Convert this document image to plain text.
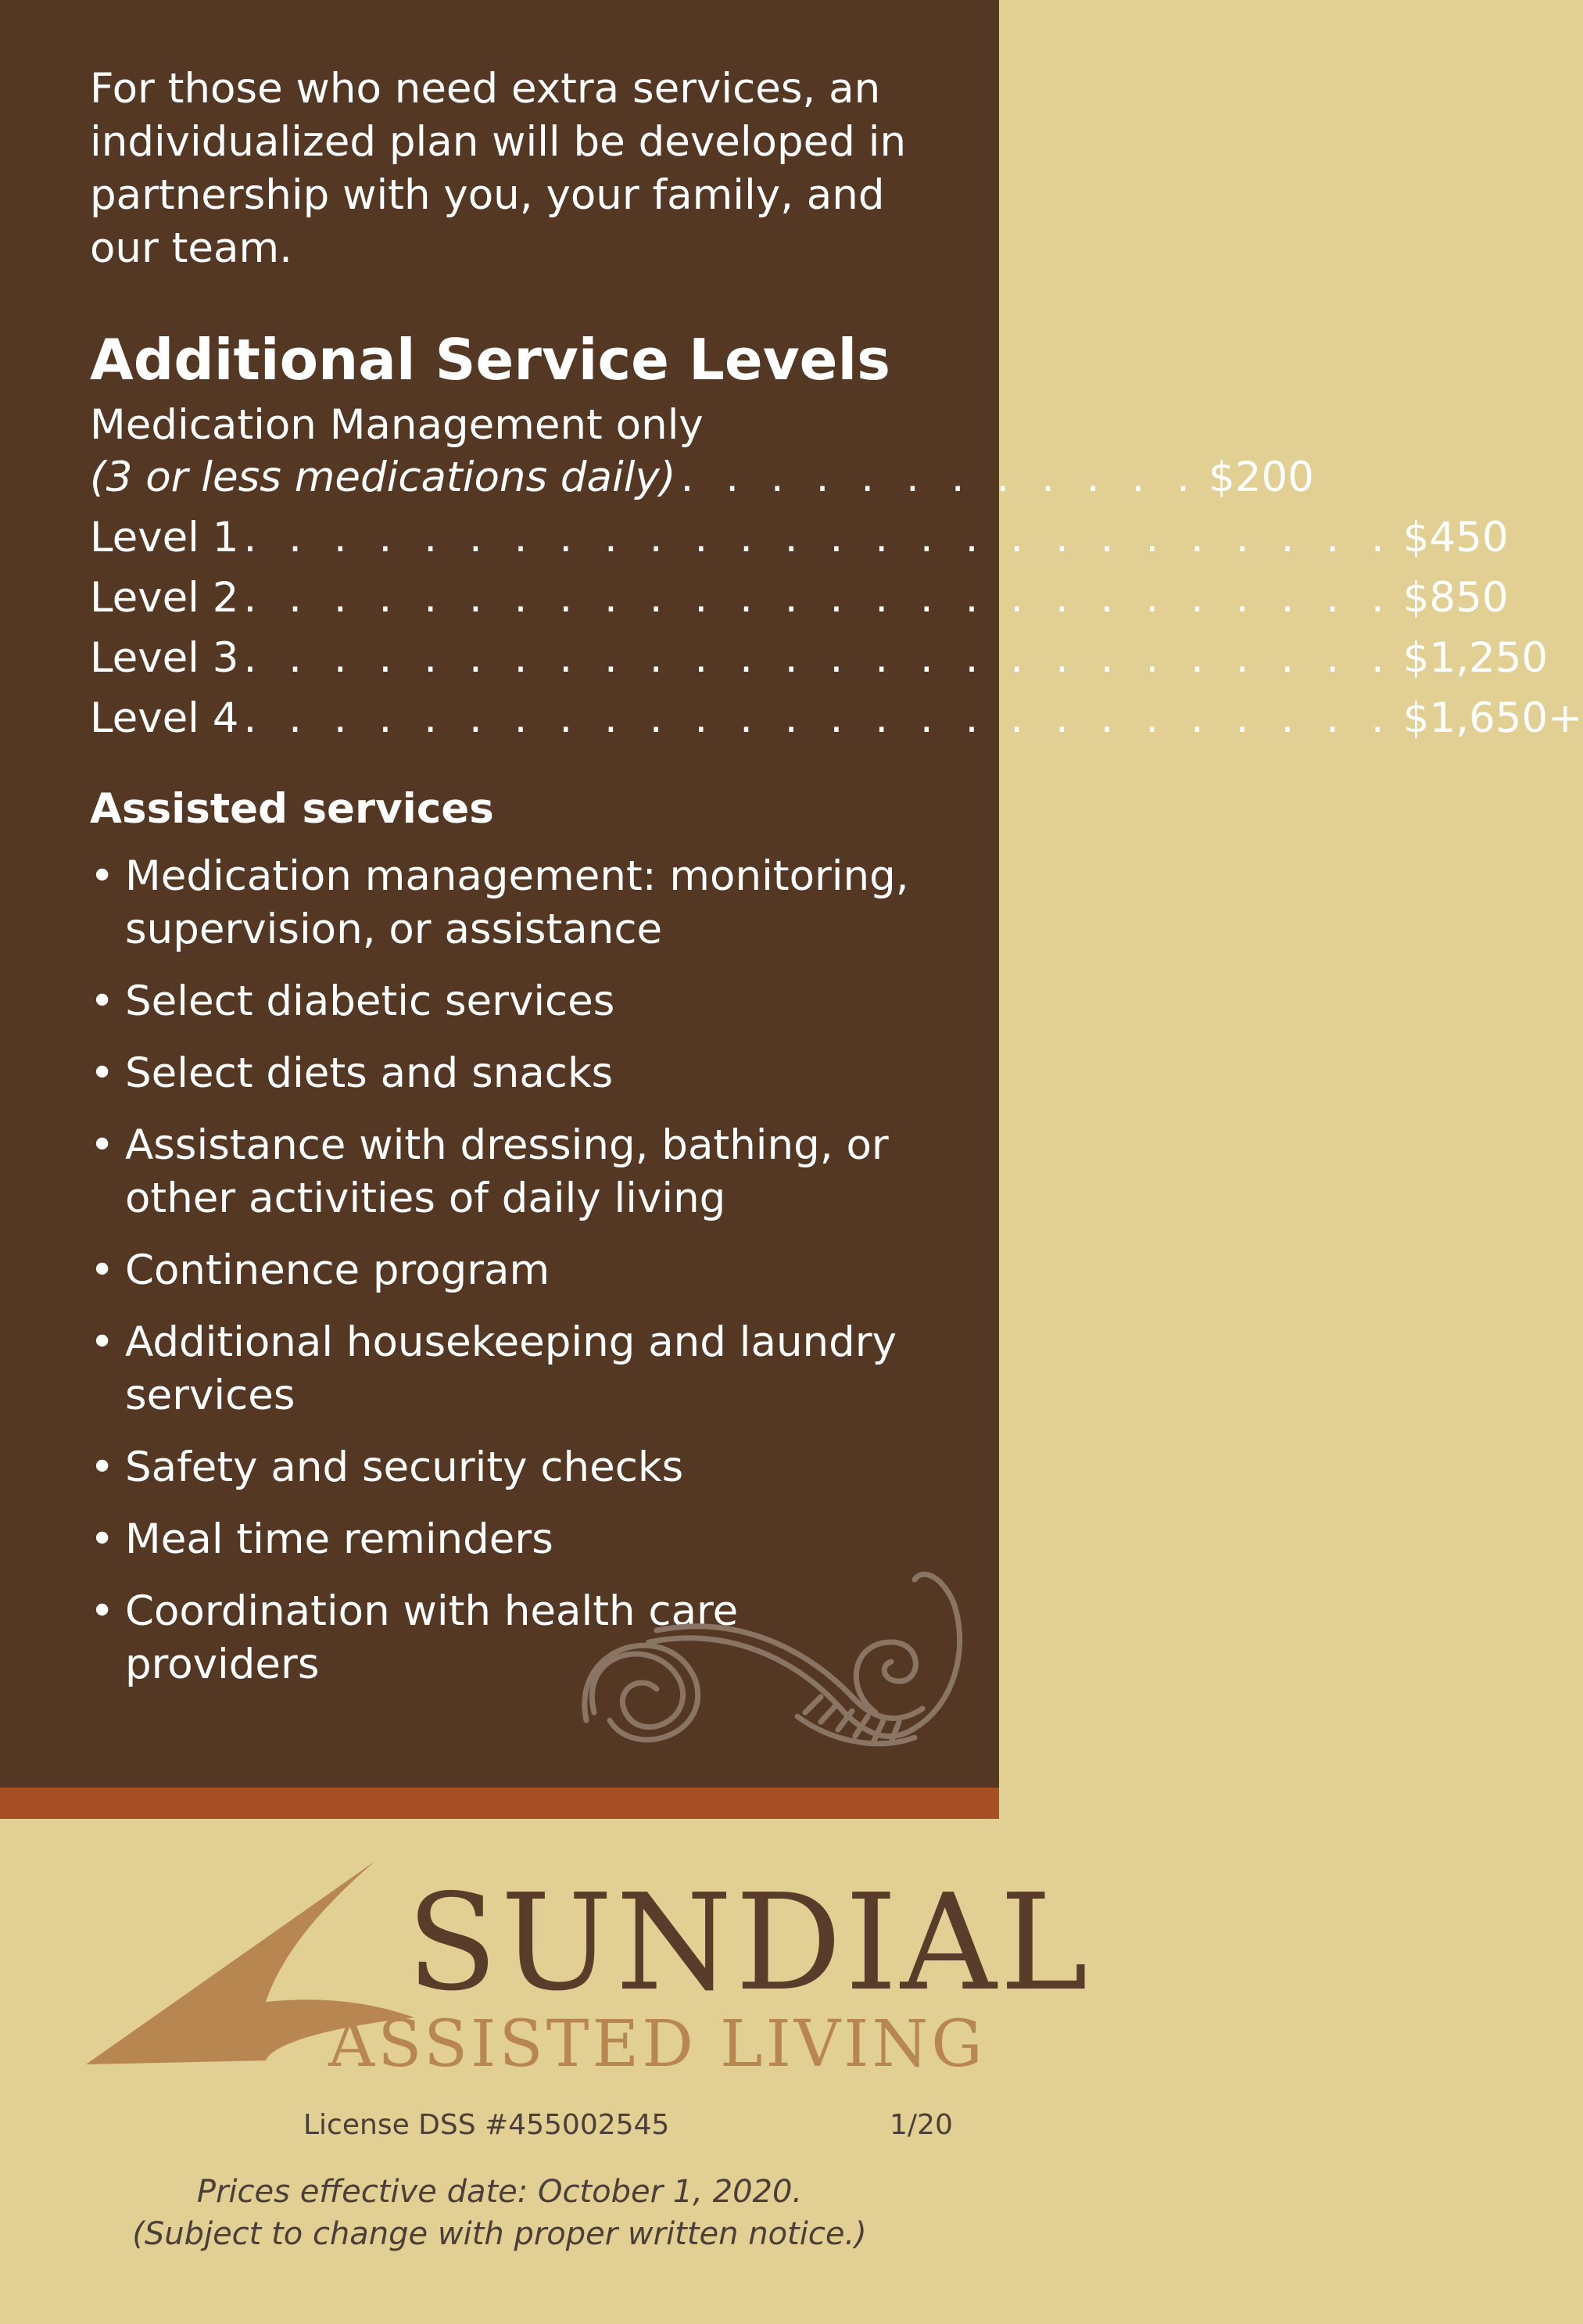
For those who need extra services, an individualized plan will be developed in partnership with you, your family, and our team.

Additional Service Levels
Medication Management only
(3 or less medications daily) . . . . . . . . . . . . $200
Level 1 . . . . . . . . . . . . . . . . . . . . . . . . . . $450
Level 2 . . . . . . . . . . . . . . . . . . . . . . . . . . $850
Level 3 . . . . . . . . . . . . . . . . . . . . . . . . . . $1,250
Level 4 . . . . . . . . . . . . . . . . . . . . . . . . . . $1,650+
Assisted services
• Medication management: monitoring, supervision, or assistance
• Select diabetic services
• Select diets and snacks
• Assistance with dressing, bathing, or other activities of daily living
• Continence program
• Additional housekeeping and laundry services
• Safety and security checks
• Meal time reminders
• Coordination with health care providers
SUNDIAL
ASSISTED LIVING
License DSS #455002545	1/20
Prices effective date: October 1, 2020.
(Subject to change with proper written notice.)
